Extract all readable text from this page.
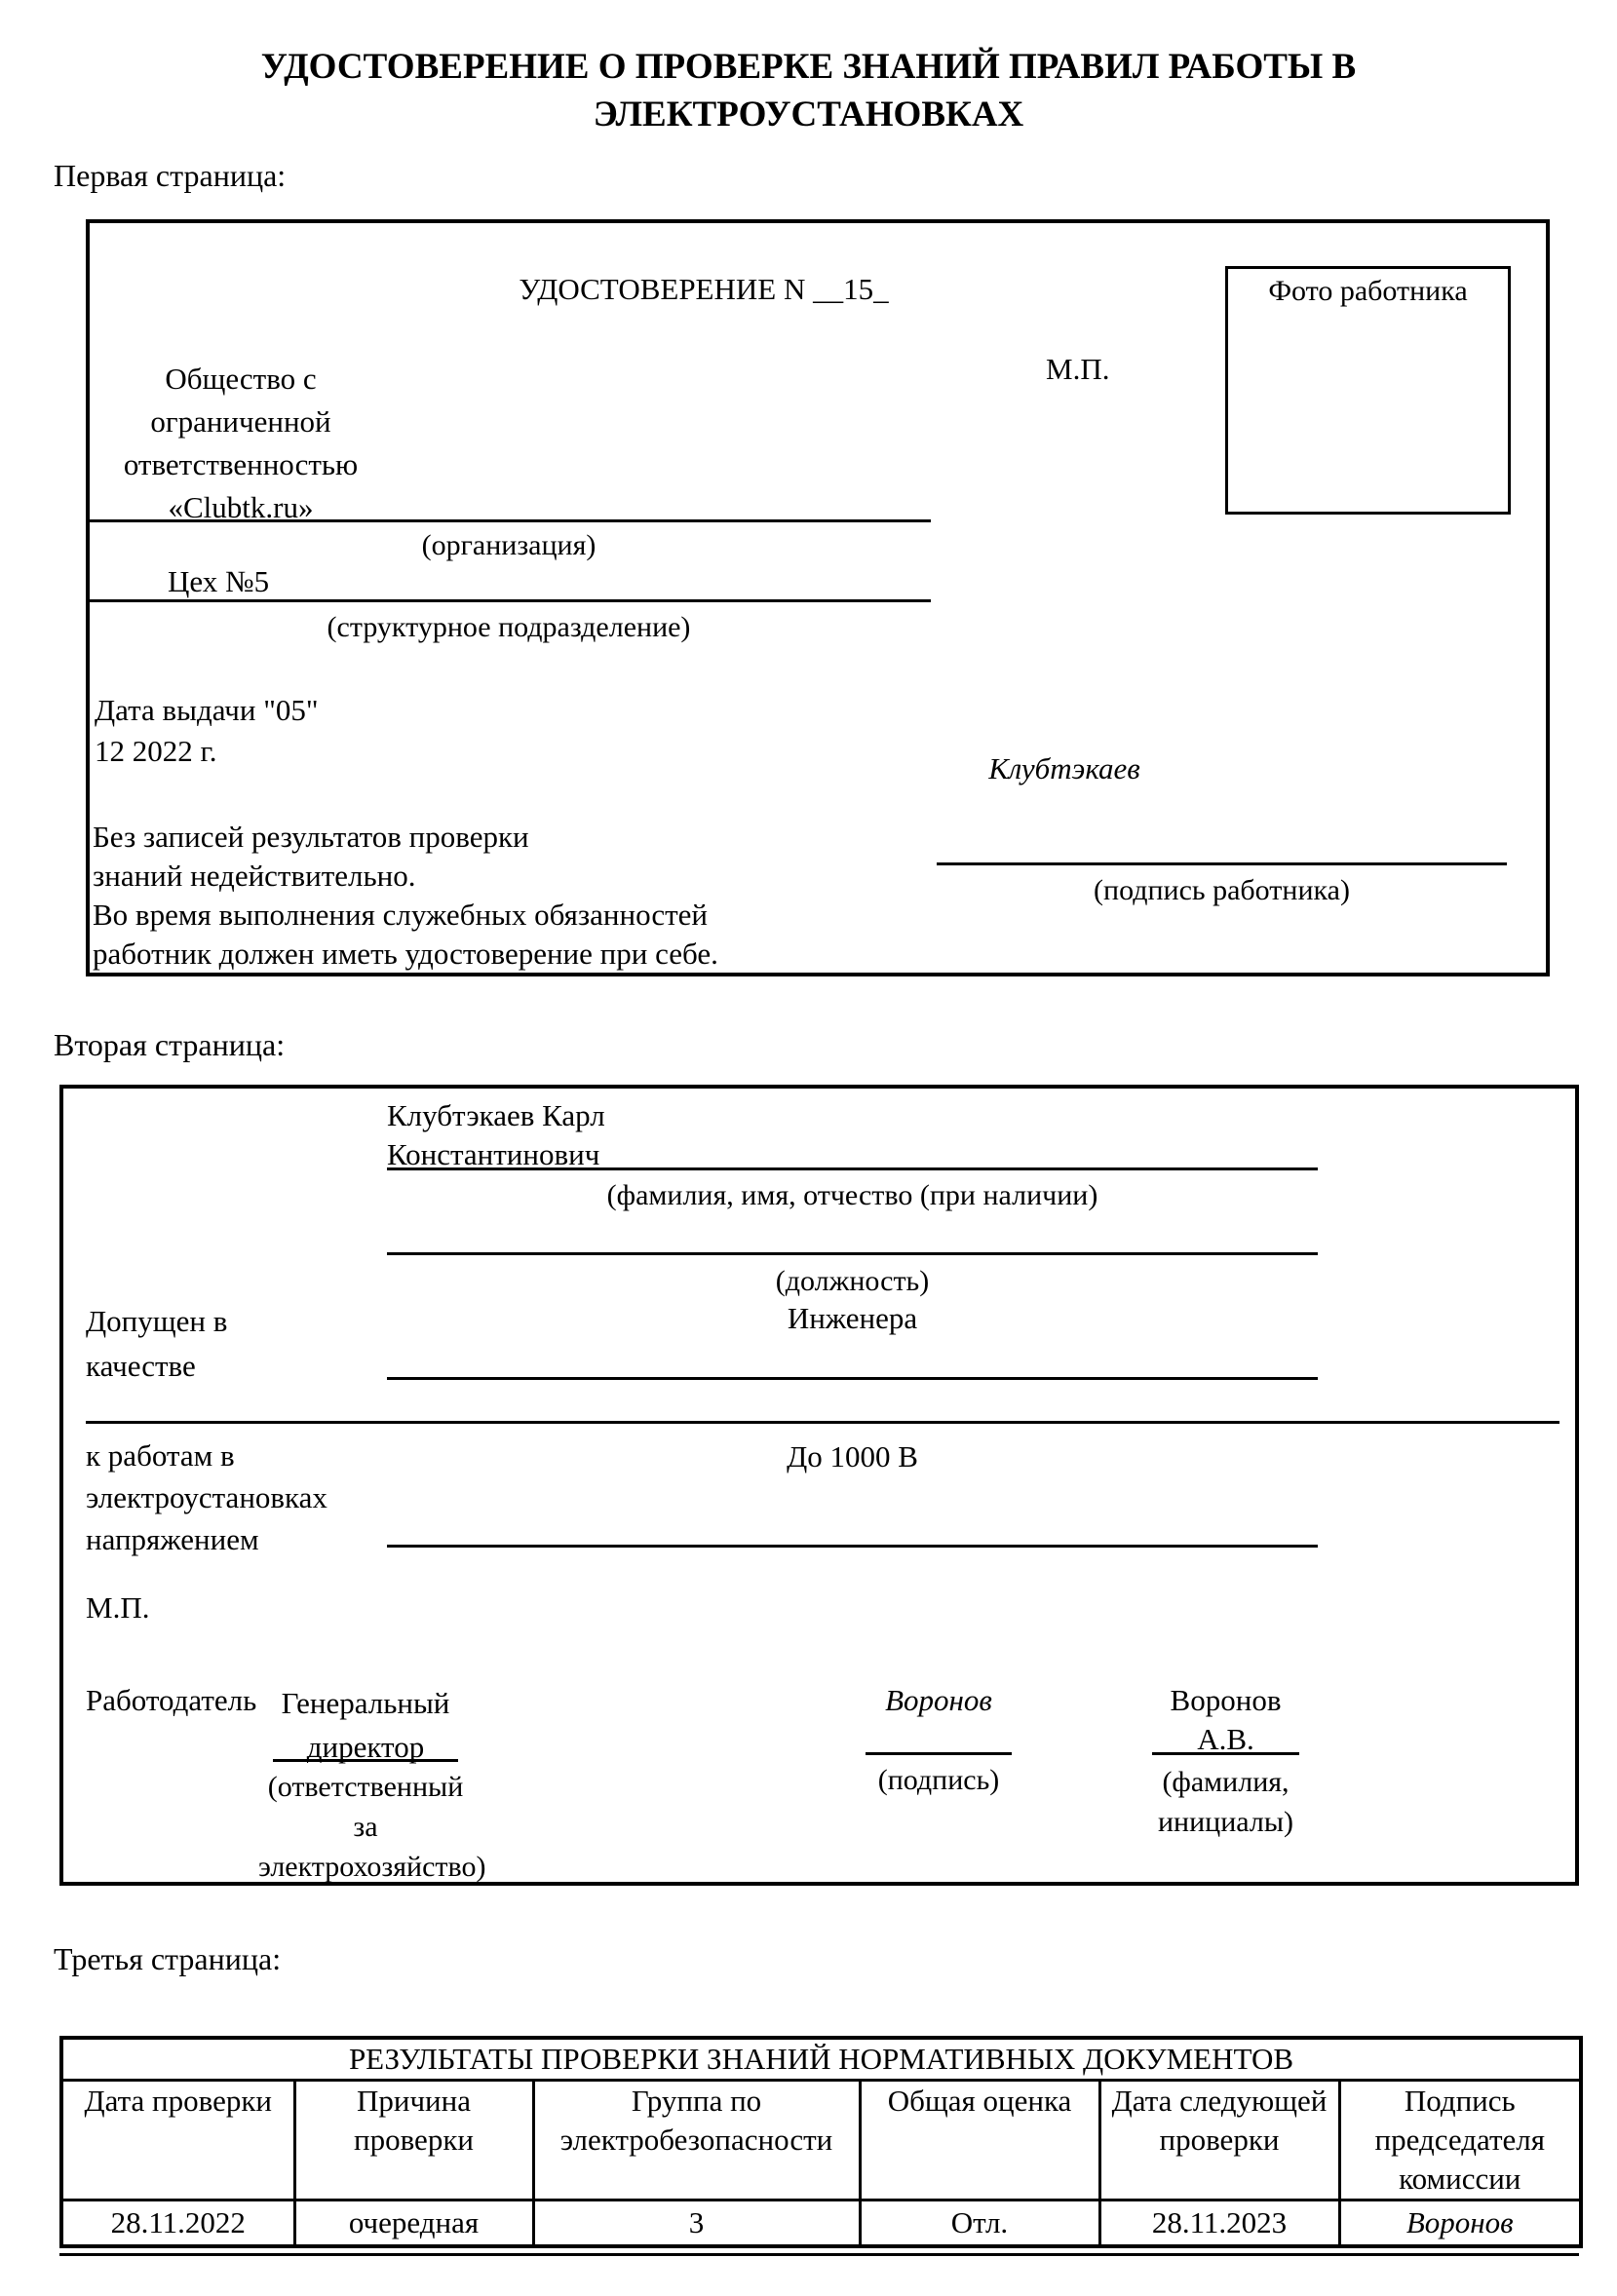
УДОСТОВЕРЕНИЕ О ПРОВЕРКЕ ЗНАНИЙ ПРАВИЛ РАБОТЫ В
ЭЛЕКТРОУСТАНОВКАХ
Первая страница:
УДОСТОВЕРЕНИЕ N __15_
М.П.
Фото работника
Общество с
ограниченной
ответственностью
«Clubtk.ru»
(организация)
Цех №5
(структурное подразделение)
Дата выдачи "05"
12 2022 г.
Клубтэкаев
(подпись работника)
Без записей результатов проверки
знаний недействительно.
Во время выполнения служебных обязанностей
работник должен иметь удостоверение при себе.
Вторая страница:
Клубтэкаев Карл
Константинович
(фамилия, имя, отчество (при наличии)
(должность)
Допущен в
качестве
Инженера
к работам в
электроустановках
напряжением
До 1000 В
М.П.
Работодатель Генеральный
директор
(ответственный за
электрохозяйство)
Воронов
(подпись)
Воронов А.В.
(фамилия,
инициалы)
Третья страница:
РЕЗУЛЬТАТЫ ПРОВЕРКИ ЗНАНИЙ НОРМАТИВНЫХ ДОКУМЕНТОВ					
Дата проверки	Причина проверки	Группа по электробезопасности	Общая оценка	Дата следующей проверки	Подпись председателя комиссии
28.11.2022	очередная	3	Отл.	28.11.2023	Воронов
